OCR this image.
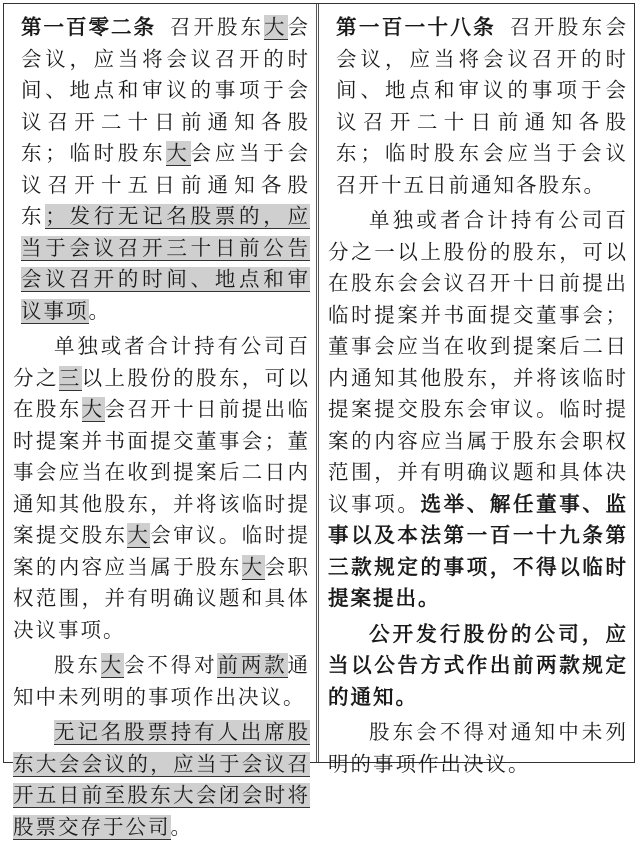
第一百零二条 召开股东大会会议，应当将会议召开的时间、地点和审议的事项于会议召开二十日前通知各股东；临时股东大会应当于会议召开十五日前通知各股东；发行无记名股票的，应当于会议召开三十日前公告会议召开的时间、地点和审议事项。

单独或者合计持有公司百分之三以上股份的股东，可以在股东大会召开十日前提出临时提案并书面提交董事会；董事会应当在收到提案后二日内通知其他股东，并将该临时提案提交股东大会审议。临时提案的内容应当属于股东大会职权范围，并有明确议题和具体决议事项。

股东大会不得对前两款通知中未列明的事项作出决议。

无记名股票持有人出席股东大会会议的，应当于会议召开五日前至股东大会闭会时将股票交存于公司。

第一百一十八条 召开股东会会议，应当将会议召开的时间、地点和审议的事项于会议召开二十日前通知各股东；临时股东会应当于会议召开十五日前通知各股东。

单独或者合计持有公司百分之一以上股份的股东，可以在股东会会议召开十日前提出临时提案并书面提交董事会；董事会应当在收到提案后二日内通知其他股东，并将该临时提案提交股东会审议。临时提案的内容应当属于股东会职权范围，并有明确议题和具体决议事项。选举、解任董事、监事以及本法第一百一十九条第三款规定的事项，不得以临时提案提出。

公开发行股份的公司，应当以公告方式作出前两款规定的通知。

股东会不得对通知中未列明的事项作出决议。
